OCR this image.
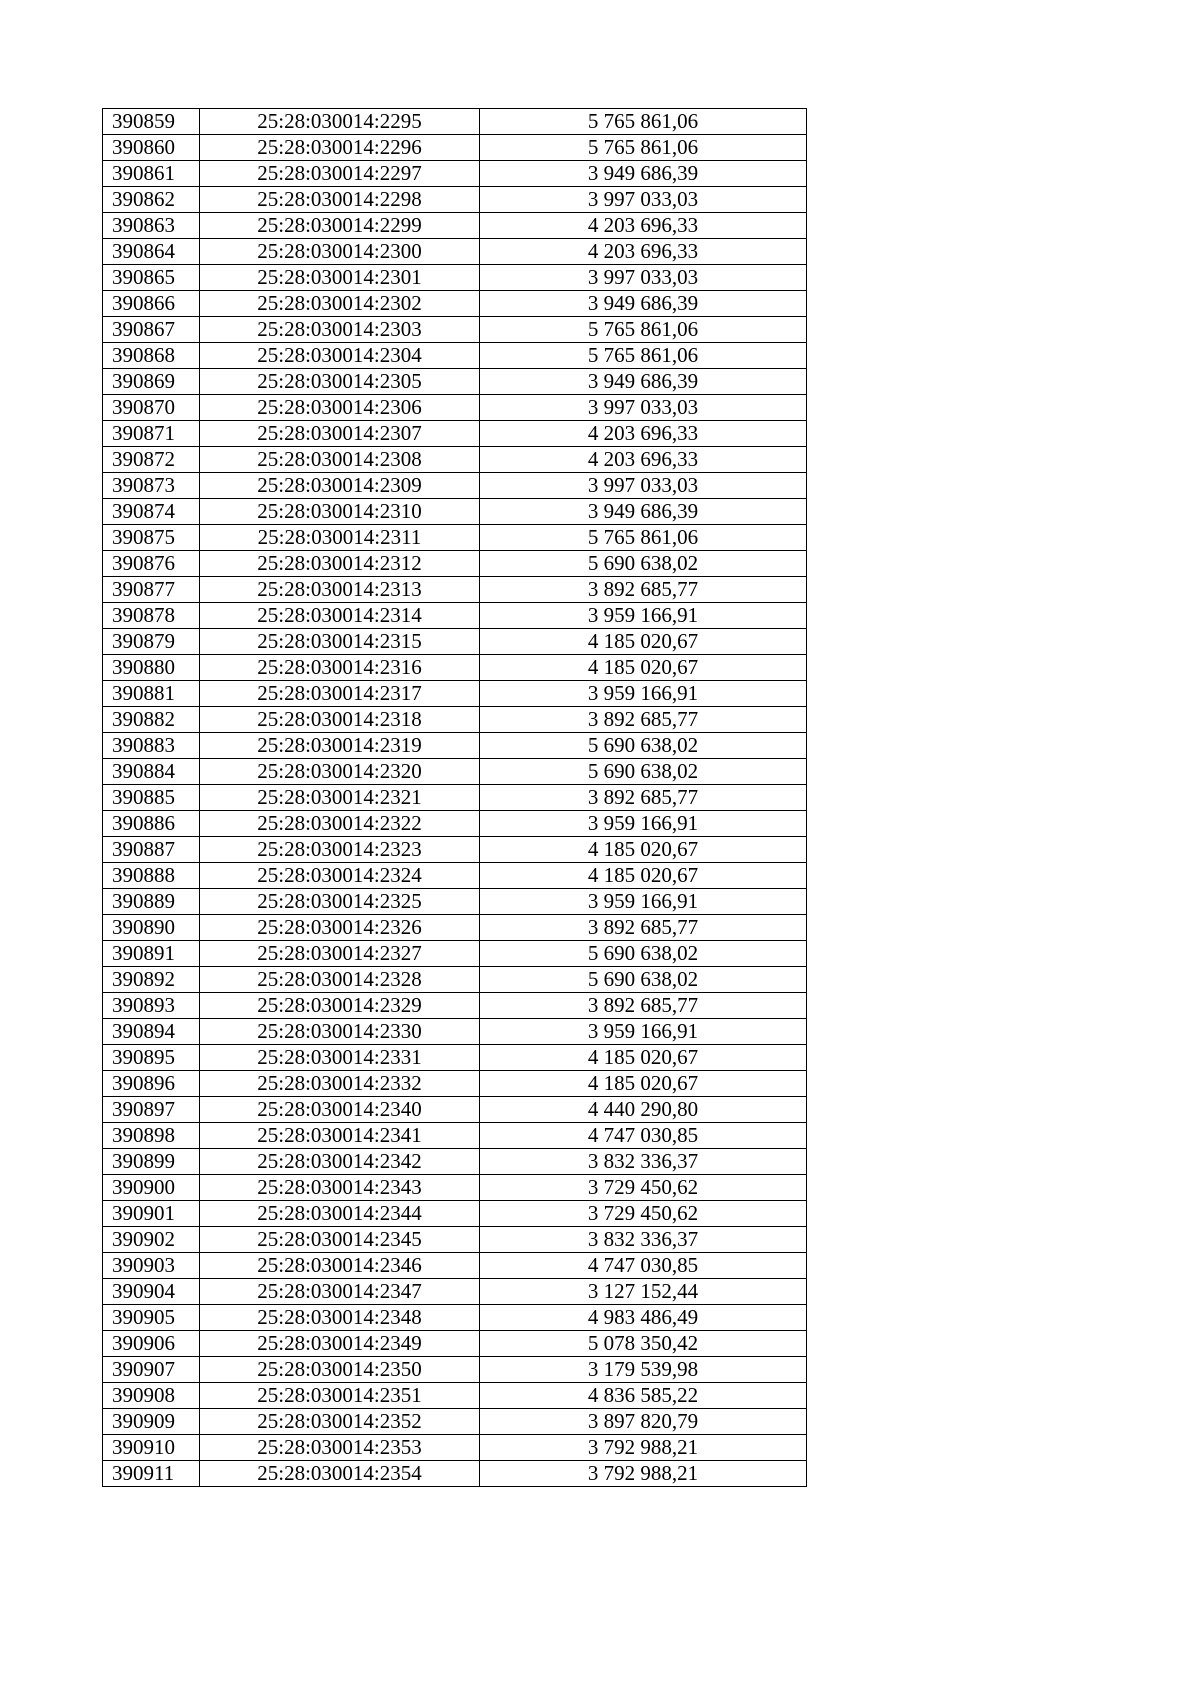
390859	25:28:030014:2295	5 765 861,06
390860	25:28:030014:2296	5 765 861,06
390861	25:28:030014:2297	3 949 686,39
390862	25:28:030014:2298	3 997 033,03
390863	25:28:030014:2299	4 203 696,33
390864	25:28:030014:2300	4 203 696,33
390865	25:28:030014:2301	3 997 033,03
390866	25:28:030014:2302	3 949 686,39
390867	25:28:030014:2303	5 765 861,06
390868	25:28:030014:2304	5 765 861,06
390869	25:28:030014:2305	3 949 686,39
390870	25:28:030014:2306	3 997 033,03
390871	25:28:030014:2307	4 203 696,33
390872	25:28:030014:2308	4 203 696,33
390873	25:28:030014:2309	3 997 033,03
390874	25:28:030014:2310	3 949 686,39
390875	25:28:030014:2311	5 765 861,06
390876	25:28:030014:2312	5 690 638,02
390877	25:28:030014:2313	3 892 685,77
390878	25:28:030014:2314	3 959 166,91
390879	25:28:030014:2315	4 185 020,67
390880	25:28:030014:2316	4 185 020,67
390881	25:28:030014:2317	3 959 166,91
390882	25:28:030014:2318	3 892 685,77
390883	25:28:030014:2319	5 690 638,02
390884	25:28:030014:2320	5 690 638,02
390885	25:28:030014:2321	3 892 685,77
390886	25:28:030014:2322	3 959 166,91
390887	25:28:030014:2323	4 185 020,67
390888	25:28:030014:2324	4 185 020,67
390889	25:28:030014:2325	3 959 166,91
390890	25:28:030014:2326	3 892 685,77
390891	25:28:030014:2327	5 690 638,02
390892	25:28:030014:2328	5 690 638,02
390893	25:28:030014:2329	3 892 685,77
390894	25:28:030014:2330	3 959 166,91
390895	25:28:030014:2331	4 185 020,67
390896	25:28:030014:2332	4 185 020,67
390897	25:28:030014:2340	4 440 290,80
390898	25:28:030014:2341	4 747 030,85
390899	25:28:030014:2342	3 832 336,37
390900	25:28:030014:2343	3 729 450,62
390901	25:28:030014:2344	3 729 450,62
390902	25:28:030014:2345	3 832 336,37
390903	25:28:030014:2346	4 747 030,85
390904	25:28:030014:2347	3 127 152,44
390905	25:28:030014:2348	4 983 486,49
390906	25:28:030014:2349	5 078 350,42
390907	25:28:030014:2350	3 179 539,98
390908	25:28:030014:2351	4 836 585,22
390909	25:28:030014:2352	3 897 820,79
390910	25:28:030014:2353	3 792 988,21
390911	25:28:030014:2354	3 792 988,21
